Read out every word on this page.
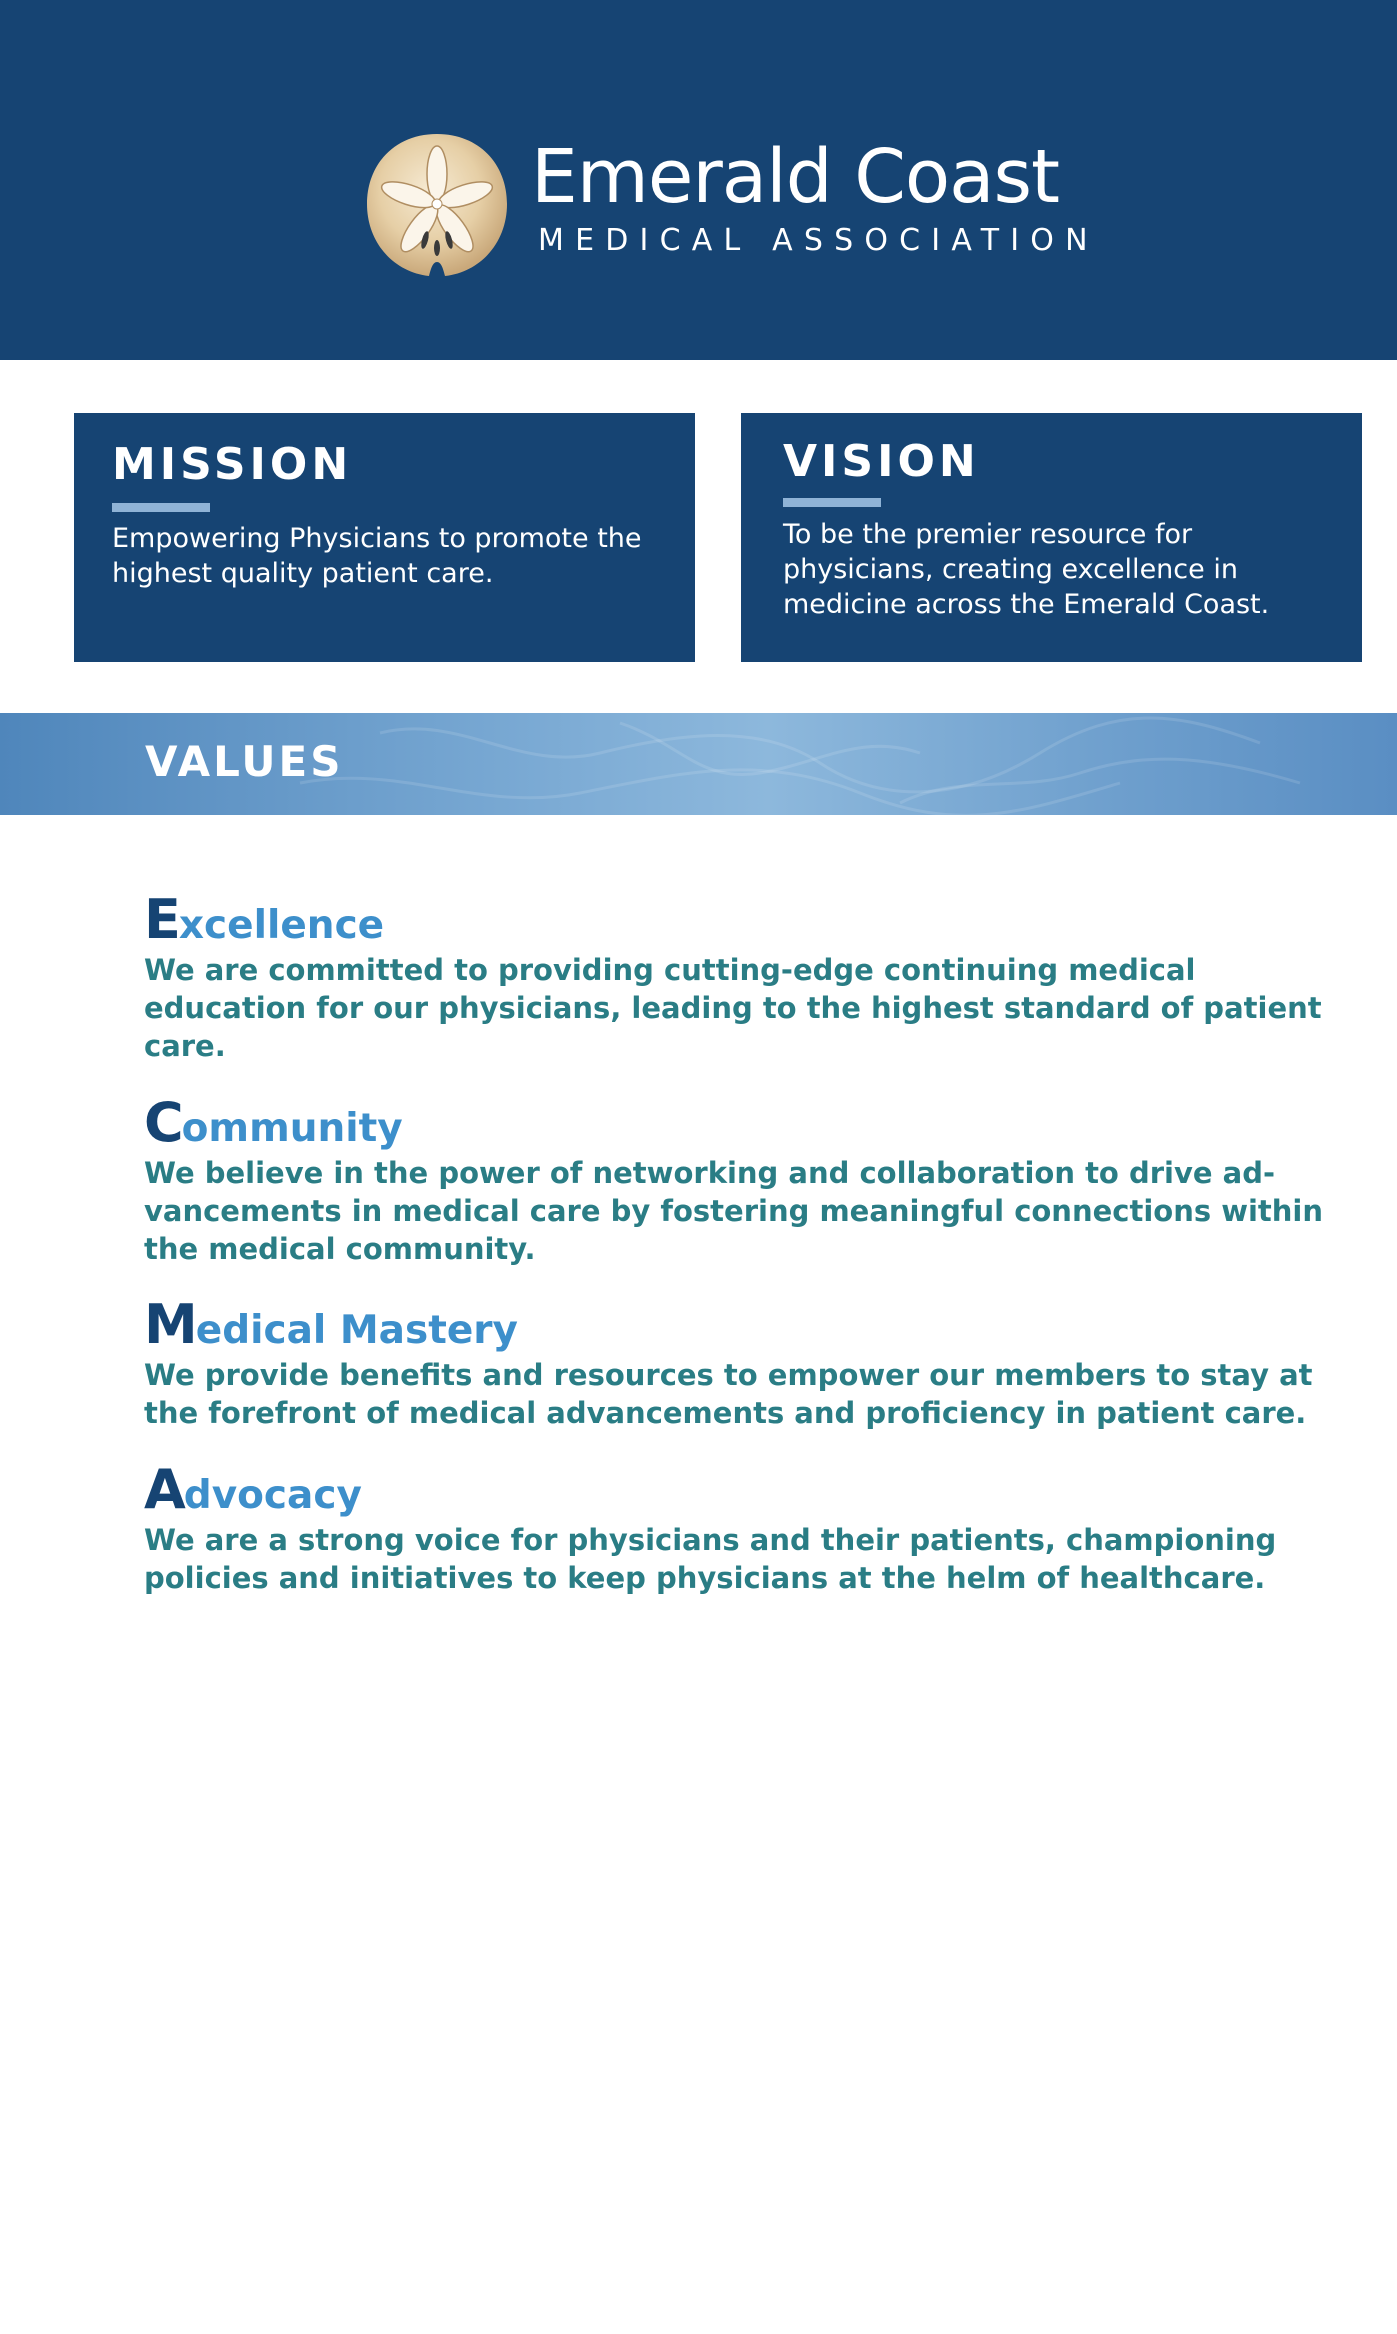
Emerald Coast
MEDICAL ASSOCIATION
MISSION
Empowering Physicians to promote the highest quality patient care.
VISION
To be the premier resource for physicians, creating excellence in medicine across the Emerald Coast.
VALUES
Excellence
We are committed to providing cutting-edge continuing medical education for our physicians, leading to the highest standard of patient care.
Community
We believe in the power of networking and collaboration to drive ad-vancements in medical care by fostering meaningful connections within the medical community.
Medical Mastery
We provide benefits and resources to empower our members to stay at the forefront of medical advancements and proficiency in patient care.
Advocacy
We are a strong voice for physicians and their patients, championing policies and initiatives to keep physicians at the helm of healthcare.
